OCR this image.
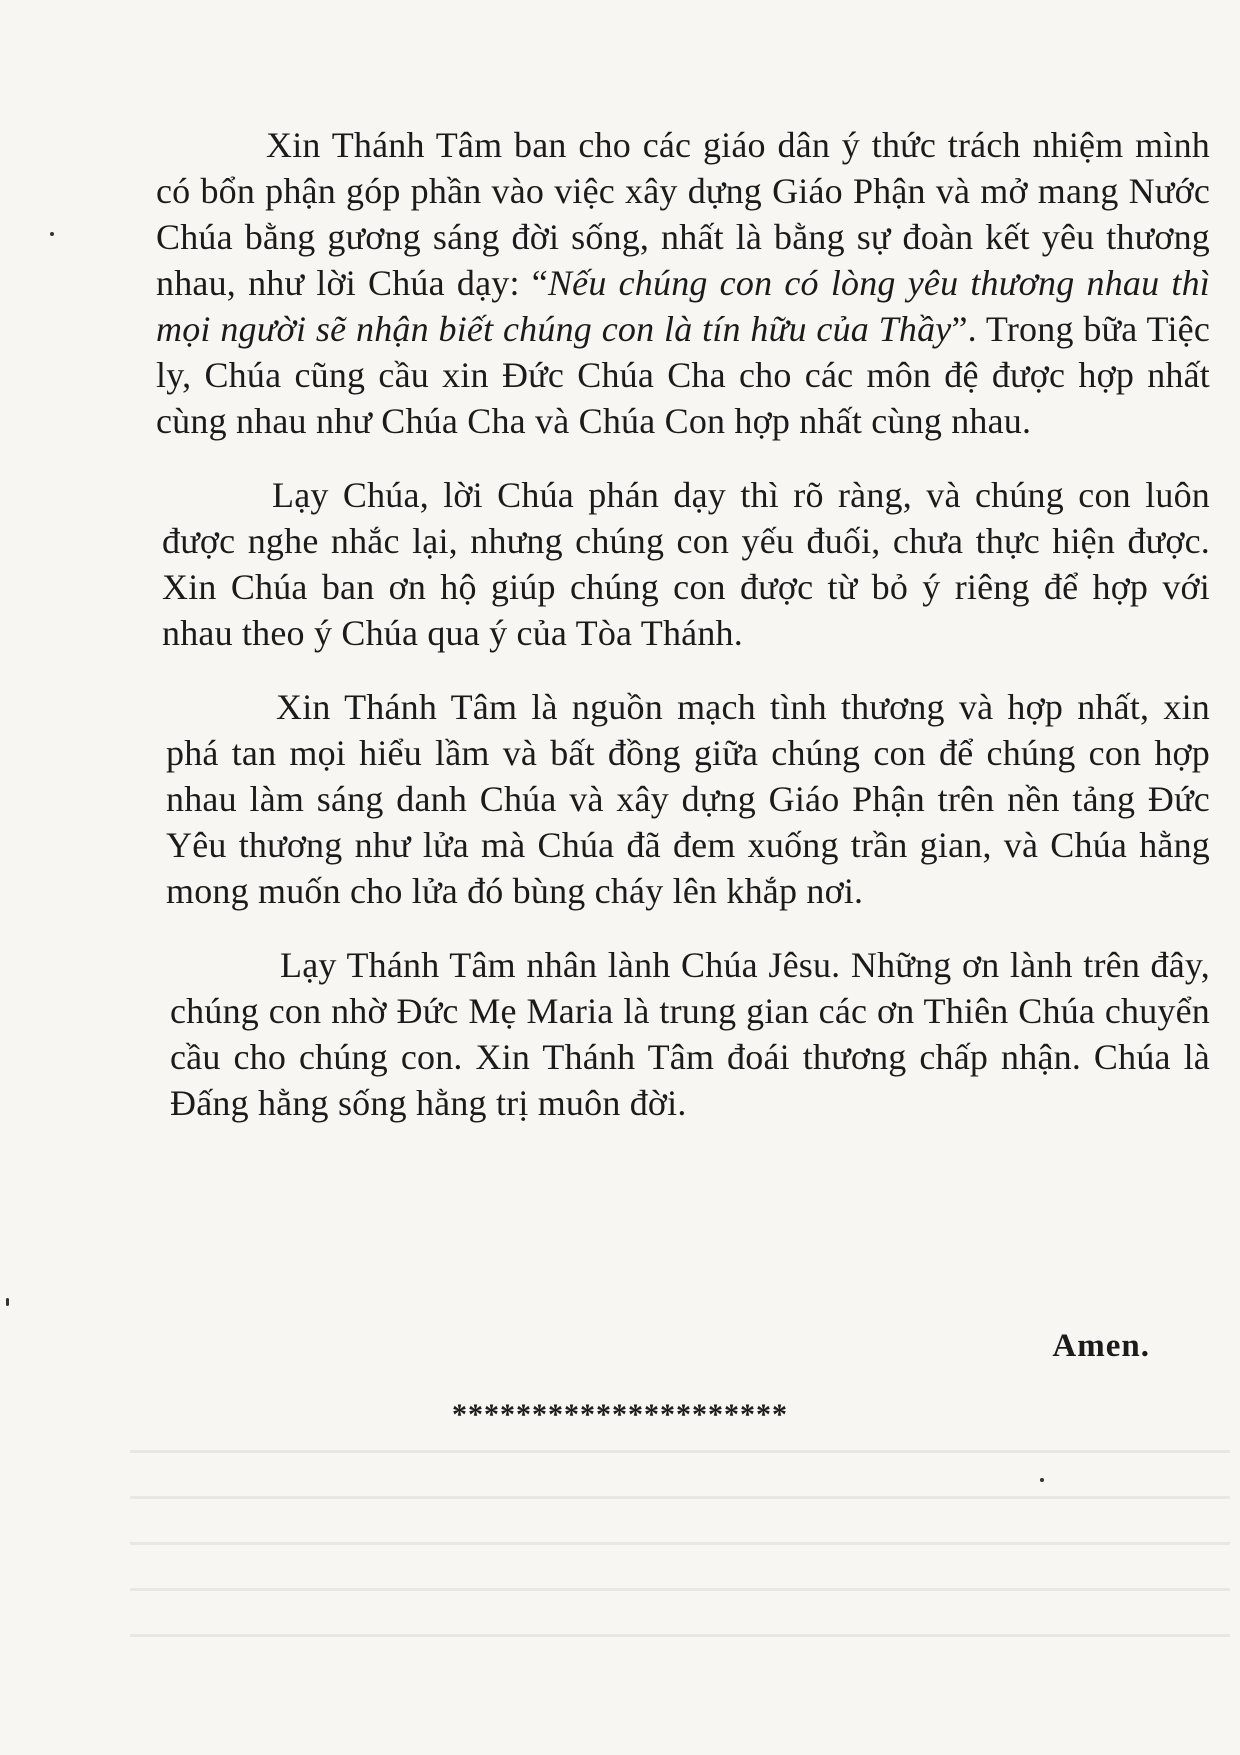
Xin Thánh Tâm ban cho các giáo dân ý thức trách nhiệm mình có bổn phận góp phần vào việc xây dựng Giáo Phận và mở mang Nước Chúa bằng gương sáng đời sống, nhất là bằng sự đoàn kết yêu thương nhau, như lời Chúa dạy: “Nếu chúng con có lòng yêu thương nhau thì mọi người sẽ nhận biết chúng con là tín hữu của Thầy”. Trong bữa Tiệc ly, Chúa cũng cầu xin Đức Chúa Cha cho các môn đệ được hợp nhất cùng nhau như Chúa Cha và Chúa Con hợp nhất cùng nhau.

Lạy Chúa, lời Chúa phán dạy thì rõ ràng, và chúng con luôn được nghe nhắc lại, nhưng chúng con yếu đuối, chưa thực hiện được. Xin Chúa ban ơn hộ giúp chúng con được từ bỏ ý riêng để hợp với nhau theo ý Chúa qua ý của Tòa Thánh.

Xin Thánh Tâm là nguồn mạch tình thương và hợp nhất, xin phá tan mọi hiểu lầm và bất đồng giữa chúng con để chúng con hợp nhau làm sáng danh Chúa và xây dựng Giáo Phận trên nền tảng Đức Yêu thương như lửa mà Chúa đã đem xuống trần gian, và Chúa hằng mong muốn cho lửa đó bùng cháy lên khắp nơi.

Lạy Thánh Tâm nhân lành Chúa Jêsu. Những ơn lành trên đây, chúng con nhờ Đức Mẹ Maria là trung gian các ơn Thiên Chúa chuyển cầu cho chúng con. Xin Thánh Tâm đoái thương chấp nhận. Chúa là Đấng hằng sống hằng trị muôn đời.

Amen.
*********************
